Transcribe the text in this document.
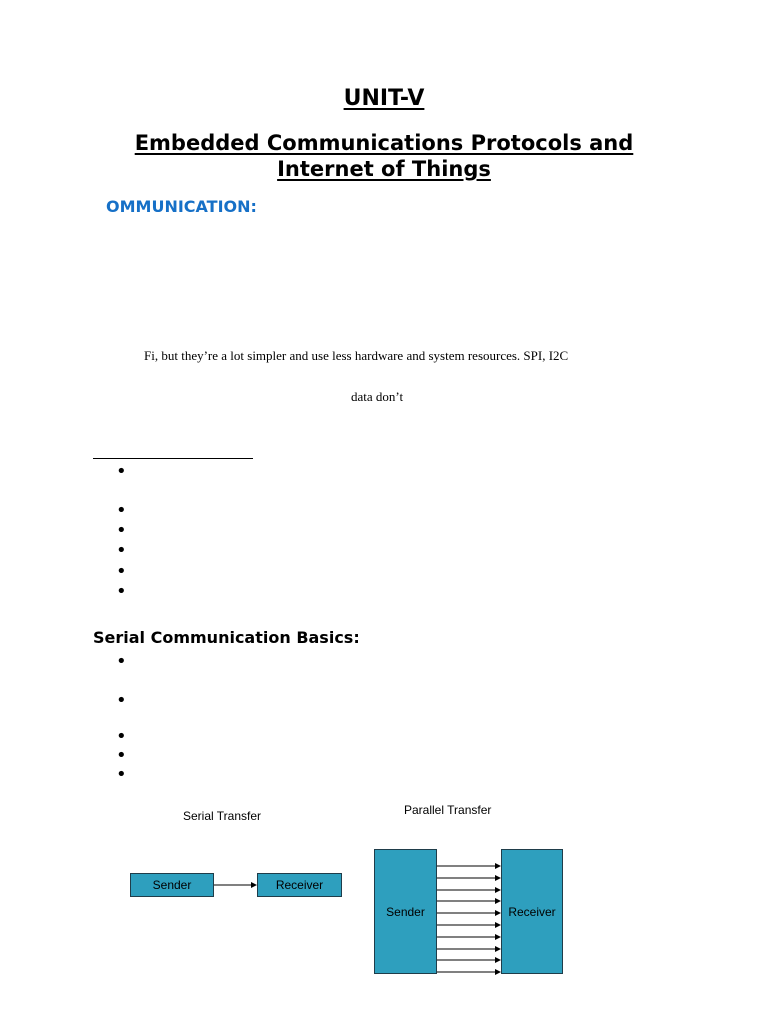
UNIT-V
Embedded Communications Protocols and
Internet of Things
OMMUNICATION:
Fi, but they’re a lot simpler and use less hardware and system resources. SPI, I2C
data don’t
•
•
•
•
•
•
Serial Communication Basics:
•
•
•
•
•
Serial Transfer	Parallel Transfer
Sender	Receiver
Sender	Receiver
